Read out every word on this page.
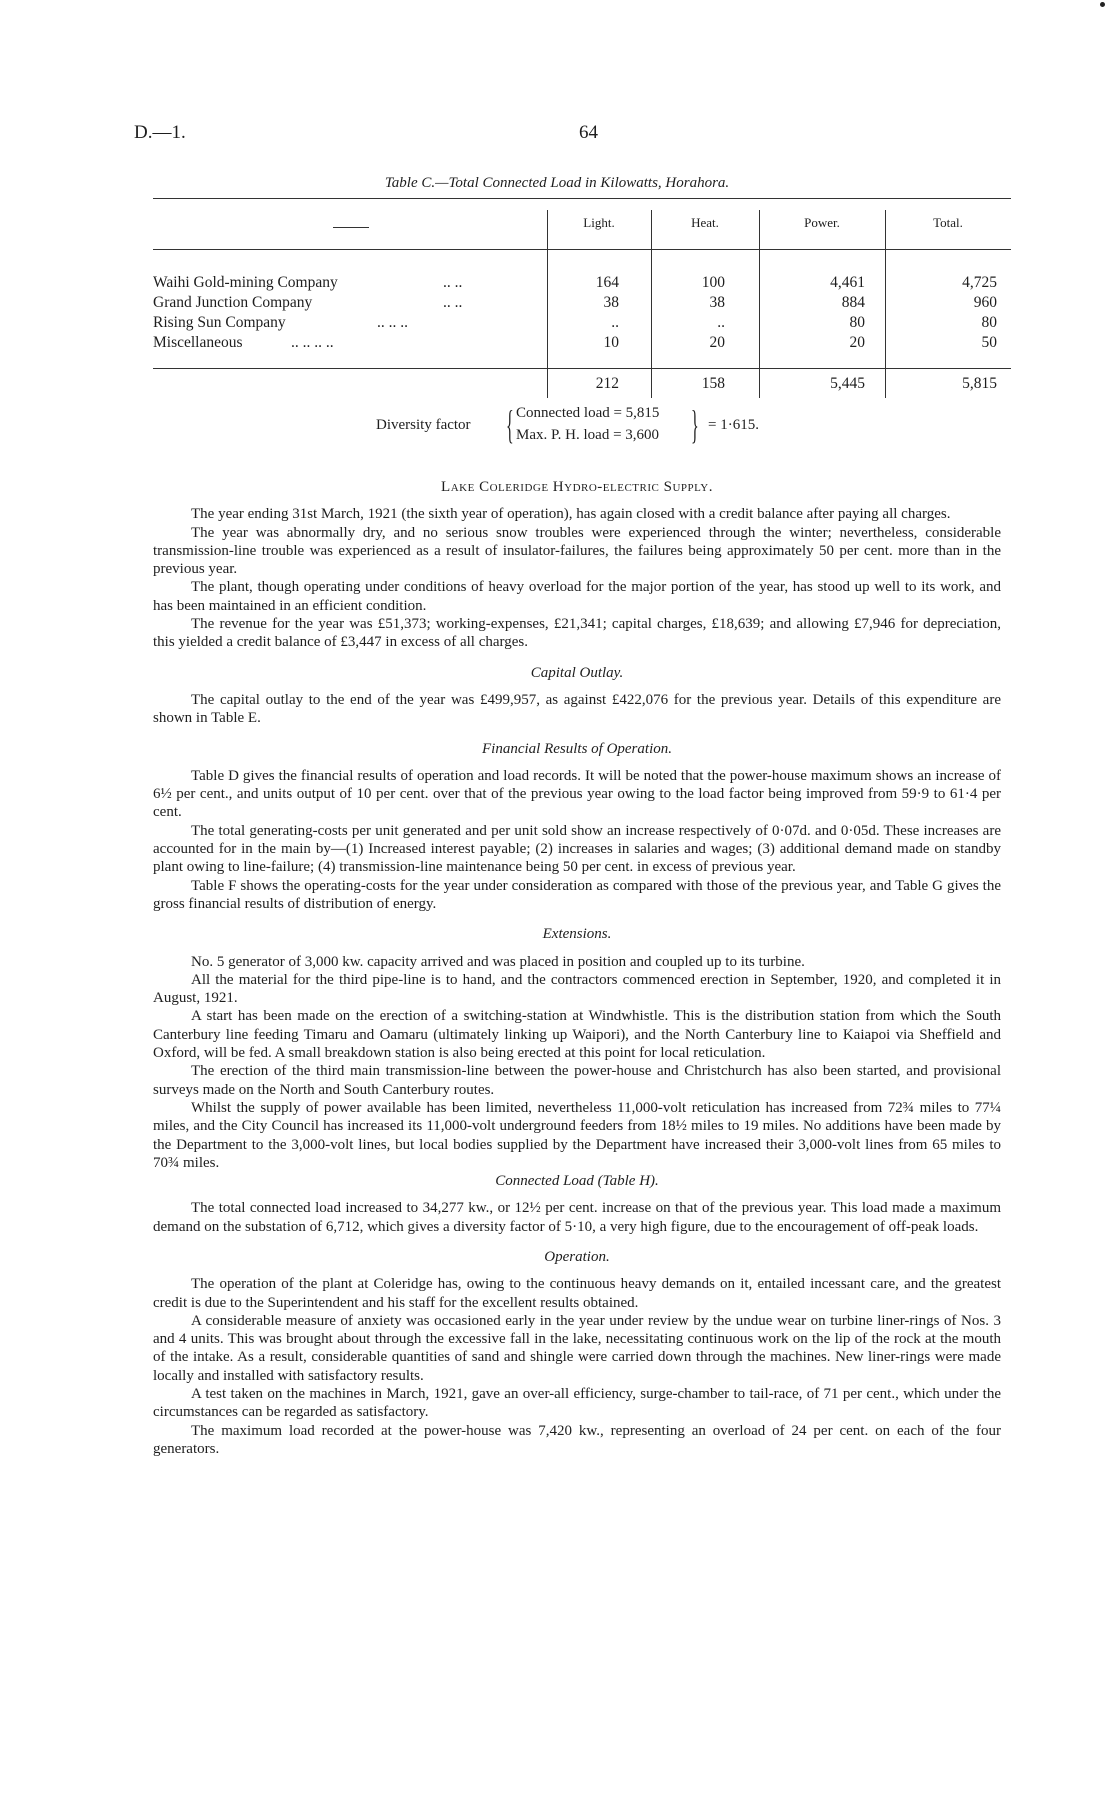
D.—1.	64
Table C.—Total Connected Load in Kilowatts, Horahora.
Light.	Heat.	Power.	Total.
Waihi Gold-mining Company	.. ..	164	100	4,461	4,725
Grand Junction Company	.. ..	38	38	884	960
Rising Sun Company	.. .. ..	..	..	80	80
Miscellaneous	.. .. .. ..	10	20	20	50
212	158	5,445	5,815
Diversity factor { Connected load = 5,815
Max. P. H. load = 3,600 } = 1·615.
Lake Coleridge Hydro-electric Supply.

The year ending 31st March, 1921 (the sixth year of operation), has again closed with a credit balance after paying all charges.

The year was abnormally dry, and no serious snow troubles were experienced through the winter; nevertheless, considerable transmission-line trouble was experienced as a result of insulator-failures, the failures being approximately 50 per cent. more than in the previous year.

The plant, though operating under conditions of heavy overload for the major portion of the year, has stood up well to its work, and has been maintained in an efficient condition.

The revenue for the year was £51,373; working-expenses, £21,341; capital charges, £18,639; and allowing £7,946 for depreciation, this yielded a credit balance of £3,447 in excess of all charges.

Capital Outlay.

The capital outlay to the end of the year was £499,957, as against £422,076 for the previous year. Details of this expenditure are shown in Table E.

Financial Results of Operation.

Table D gives the financial results of operation and load records. It will be noted that the power-house maximum shows an increase of 6½ per cent., and units output of 10 per cent. over that of the previous year owing to the load factor being improved from 59·9 to 61·4 per cent.

The total generating-costs per unit generated and per unit sold show an increase respectively of 0·07d. and 0·05d. These increases are accounted for in the main by—(1) Increased interest payable; (2) increases in salaries and wages; (3) additional demand made on standby plant owing to line-failure; (4) transmission-line maintenance being 50 per cent. in excess of previous year.

Table F shows the operating-costs for the year under consideration as compared with those of the previous year, and Table G gives the gross financial results of distribution of energy.

Extensions.

No. 5 generator of 3,000 kw. capacity arrived and was placed in position and coupled up to its turbine.

All the material for the third pipe-line is to hand, and the contractors commenced erection in September, 1920, and completed it in August, 1921.

A start has been made on the erection of a switching-station at Windwhistle. This is the distribution station from which the South Canterbury line feeding Timaru and Oamaru (ultimately linking up Waipori), and the North Canterbury line to Kaiapoi via Sheffield and Oxford, will be fed. A small breakdown station is also being erected at this point for local reticulation.

The erection of the third main transmission-line between the power-house and Christchurch has also been started, and provisional surveys made on the North and South Canterbury routes.

Whilst the supply of power available has been limited, nevertheless 11,000-volt reticulation has increased from 72¾ miles to 77¼ miles, and the City Council has increased its 11,000-volt underground feeders from 18½ miles to 19 miles. No additions have been made by the Department to the 3,000-volt lines, but local bodies supplied by the Department have increased their 3,000-volt lines from 65 miles to 70¾ miles.

Connected Load (Table H).

The total connected load increased to 34,277 kw., or 12½ per cent. increase on that of the previous year. This load made a maximum demand on the substation of 6,712, which gives a diversity factor of 5·10, a very high figure, due to the encouragement of off-peak loads.

Operation.

The operation of the plant at Coleridge has, owing to the continuous heavy demands on it, entailed incessant care, and the greatest credit is due to the Superintendent and his staff for the excellent results obtained.

A considerable measure of anxiety was occasioned early in the year under review by the undue wear on turbine liner-rings of Nos. 3 and 4 units. This was brought about through the excessive fall in the lake, necessitating continuous work on the lip of the rock at the mouth of the intake. As a result, considerable quantities of sand and shingle were carried down through the machines. New liner-rings were made locally and installed with satisfactory results.

A test taken on the machines in March, 1921, gave an over-all efficiency, surge-chamber to tail-race, of 71 per cent., which under the circumstances can be regarded as satisfactory.

The maximum load recorded at the power-house was 7,420 kw., representing an overload of 24 per cent. on each of the four generators.
